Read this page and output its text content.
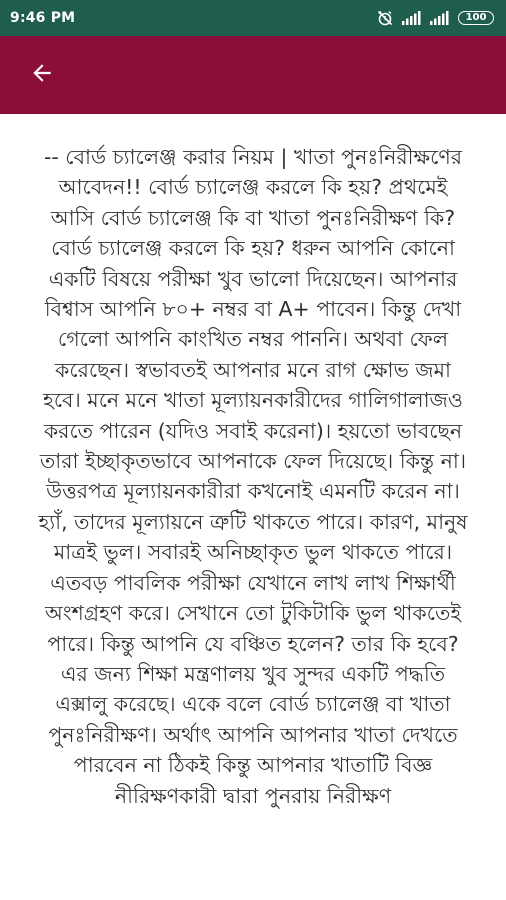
9:46 PM	100

-- বোর্ড চ্যালেঞ্জ করার নিয়ম | খাতা পুনঃনিরীক্ষণের আবেদন!! বোর্ড চ্যালেঞ্জ করলে কি হয়? প্রথমেই আসি বোর্ড চ্যালেঞ্জ কি বা খাতা পুনঃনিরীক্ষণ কি? বোর্ড চ্যালেঞ্জ করলে কি হয়? ধরুন আপনি কোনো একটি বিষয়ে পরীক্ষা খুব ভালো দিয়েছেন। আপনার বিশ্বাস আপনি ৮০+ নম্বর বা A+ পাবেন। কিন্তু দেখা গেলো আপনি কাংখিত নম্বর পাননি। অথবা ফেল করেছেন। স্বভাবতই আপনার মনে রাগ ক্ষোভ জমা হবে। মনে মনে খাতা মূল্যায়নকারীদের গালিগালাজও করতে পারেন (যদিও সবাই করেনা)। হয়তো ভাবছেন তারা ইচ্ছাকৃতভাবে আপনাকে ফেল দিয়েছে। কিন্তু না। উত্তরপত্র মূল্যায়নকারীরা কখনোই এমনটি করেন না। হ্যাঁ, তাদের মূল্যায়নে ত্রুটি থাকতে পারে। কারণ, মানুষ মাত্রই ভুল। সবারই অনিচ্ছাকৃত ভুল থাকতে পারে। এতবড় পাবলিক পরীক্ষা যেখানে লাখ লাখ শিক্ষার্থী অংশগ্রহণ করে। সেখানে তো টুকিটাকি ভুল থাকতেই পারে। কিন্তু আপনি যে বঞ্চিত হলেন? তার কি হবে? এর জন্য শিক্ষা মন্ত্রণালয় খুব সুন্দর একটি পদ্ধতি এক্সালু করেছে। একে বলে বোর্ড চ্যালেঞ্জ বা খাতা পুনঃনিরীক্ষণ। অর্থাৎ আপনি আপনার খাতা দেখতে পারবেন না ঠিকই কিন্তু আপনার খাতাটি বিজ্ঞ নীরিক্ষণকারী দ্বারা পুনরায় নিরীক্ষণ
